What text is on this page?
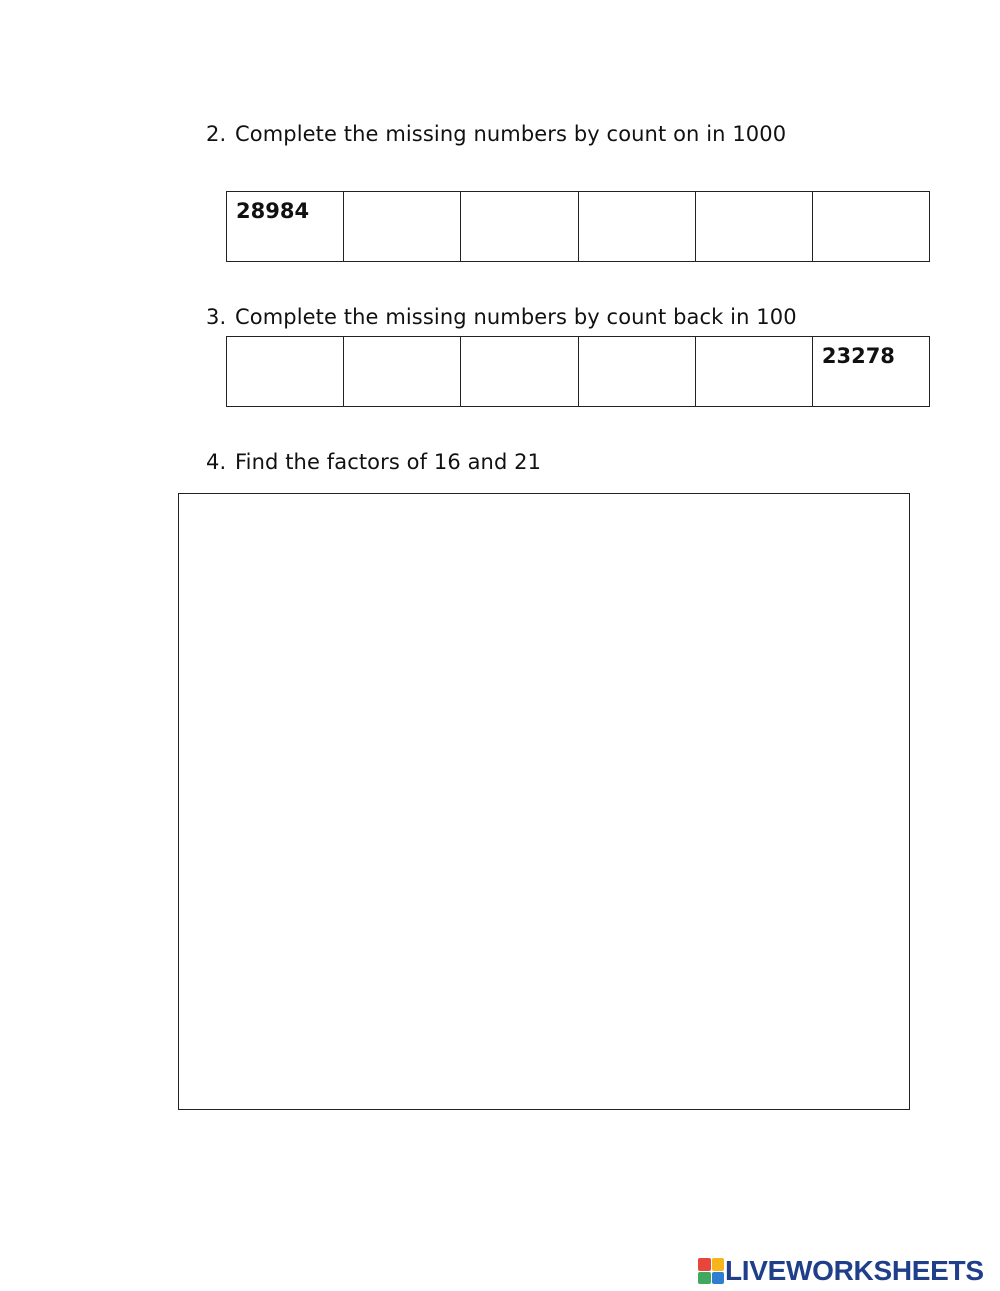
2. Complete the missing numbers by count on in 1000
28984
3. Complete the missing numbers by count back in 100
23278
4. Find the factors of 16 and 21
LIVEWORKSHEETS
